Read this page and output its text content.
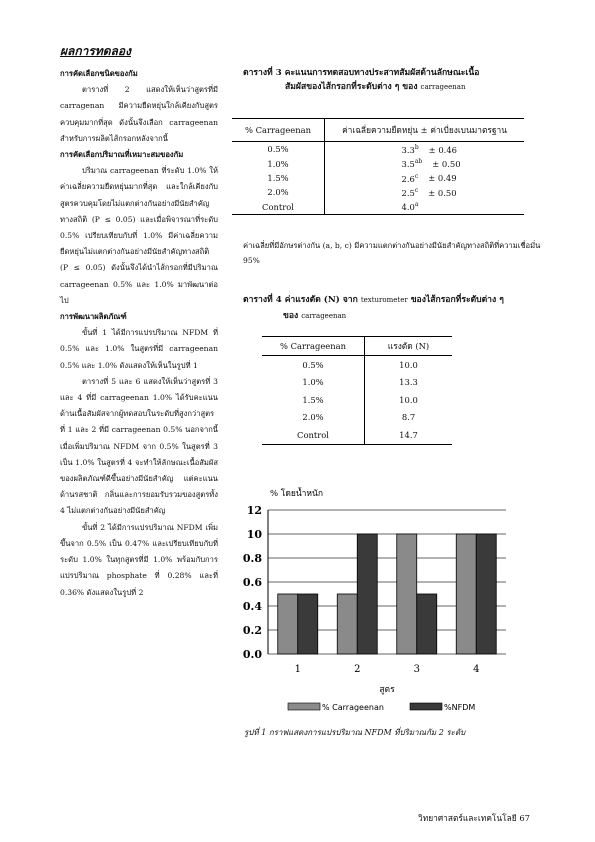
ผลการทดลอง

การคัดเลือกชนิดของกัม

ตารางที่ 2 แสดงให้เห็นว่าสูตรที่มี carragenan มีความยืดหยุ่นใกล้เคียงกับสูตรควบคุมมากที่สุด ดังนั้นจึงเลือก carrageenan สำหรับการผลิตไส้กรอกหลังจากนี้

การคัดเลือกปริมาณที่เหมาะสมของกัม

ปริมาณ carrageenan ที่ระดับ 1.0% ให้ค่าเฉลี่ยความยืดหยุ่นมากที่สุด และใกล้เคียงกับสูตรควบคุมโดยไม่แตกต่างกันอย่างมีนัยสำคัญทางสถิติ (P ≤ 0.05) และเมื่อพิจารณาที่ระดับ 0.5% เปรียบเทียบกับที่ 1.0% มีค่าเฉลี่ยความยืดหยุ่นไม่แตกต่างกันอย่างมีนัยสำคัญทางสถิติ (P ≤ 0.05) ดังนั้นจึงได้นำไส้กรอกที่มีปริมาณ carrageenan 0.5% และ 1.0% มาพัฒนาต่อไป

การพัฒนาผลิตภัณฑ์

ขั้นที่ 1 ได้มีการแปรปริมาณ NFDM ที่ 0.5% และ 1.0% ในสูตรที่มี carrageenan 0.5% และ 1.0% ดังแสดงให้เห็นในรูปที่ 1

ตารางที่ 5 และ 6 แสดงให้เห็นว่าสูตรที่ 3 และ 4 ที่มี carrageenan 1.0% ได้รับคะแนนด้านเนื้อสัมผัสจากผู้ทดสอบในระดับที่สูงกว่าสูตรที่ 1 และ 2 ที่มี carrageenan 0.5% นอกจากนี้เมื่อเพิ่มปริมาณ NFDM จาก 0.5% ในสูตรที่ 3 เป็น 1.0% ในสูตรที่ 4 จะทำให้ลักษณะเนื้อสัมผัสของผลิตภัณฑ์ดีขึ้นอย่างมีนัยสำคัญ แต่คะแนนด้านรสชาติ กลิ่นและการยอมรับรวมของสูตรทั้ง 4 ไม่แตกต่างกันอย่างมีนัยสำคัญ

ขั้นที่ 2 ได้มีการแปรปริมาณ NFDM เพิ่มขึ้นจาก 0.5% เป็น 0.47% และเปรียบเทียบกับที่ระดับ 1.0% ในทุกสูตรที่มี 1.0% พร้อมกับการแปรปริมาณ phosphate ที่ 0.28% และที่ 0.36% ดังแสดงในรูปที่ 2

ตารางที่ 3 คะแนนการทดสอบทางประสาทสัมผัสด้านลักษณะเนื้อ
สัมผัสของไส้กรอกที่ระดับต่าง ๆ ของ carrageenan
% Carrageenan	ค่าเฉลี่ยความยืดหยุ่น ± ค่าเบี่ยงเบนมาตรฐาน
0.5%	3.3$^b$ ± 0.46
1.0%	3.5$^{ab}$ ± 0.50
1.5%	2.6$^c$ ± 0.49
2.0%	2.5$^c$ ± 0.50
Control	4.0$^a$
ค่าเฉลี่ยที่มีอักษรต่างกัน (a, b, c) มีความแตกต่างกันอย่างมีนัยสำคัญทางสถิติที่ความเชื่อมั่น 95%
ตารางที่ 4 ค่าแรงตัด (N) จาก texturometer ของไส้กรอกที่ระดับต่าง ๆ
ของ carrageenan
% Carrageenan	แรงตัด (N)
0.5%	10.0
1.0%	13.3
1.5%	10.0
2.0%	8.7
Control	14.7
% โดยน้ำหนัก
0.0
0.2
0.4
0.6
0.8
10
12
1	2	3	4
สูตร
% Carrageenan	%NFDM
รูปที่ 1 กราฟแสดงการแปรปริมาณ NFDM ที่ปริมาณกัม 2 ระดับ
วิทยาศาสตร์และเทคโนโลยี 67
